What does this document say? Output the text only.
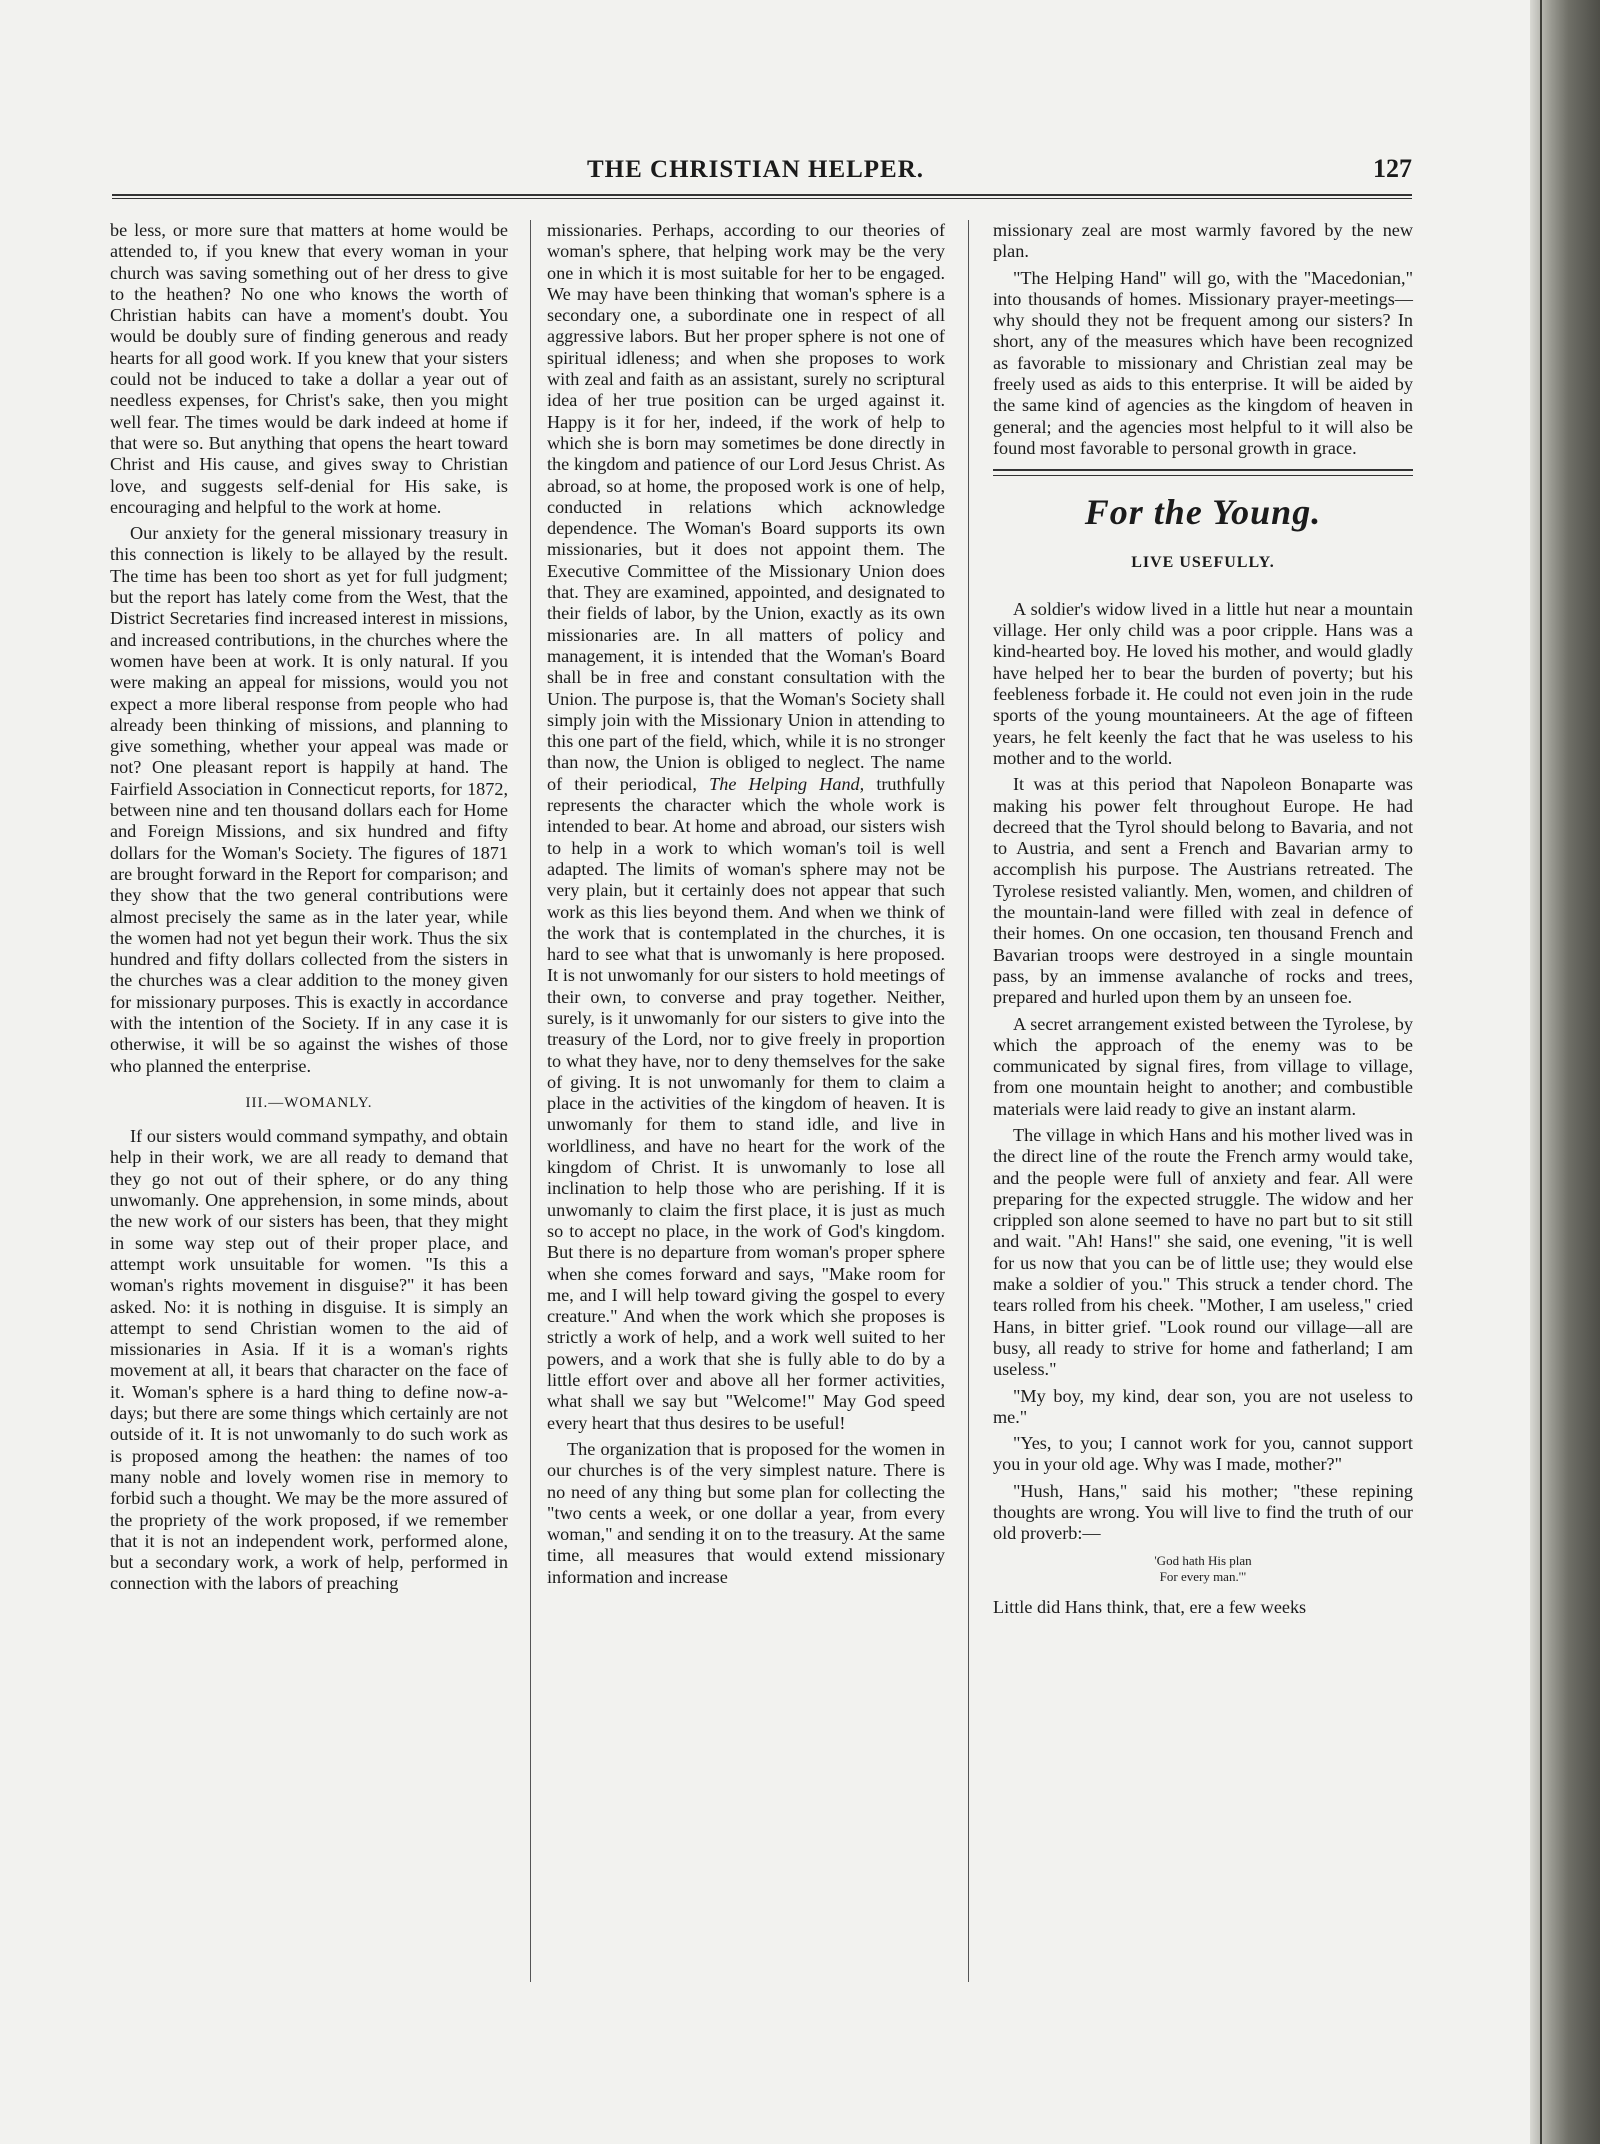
THE CHRISTIAN HELPER.	127

be less, or more sure that matters at home would be attended to, if you knew that every woman in your church was saving something out of her dress to give to the heathen? No one who knows the worth of Christian habits can have a moment's doubt. You would be doubly sure of finding generous and ready hearts for all good work. If you knew that your sisters could not be induced to take a dollar a year out of needless expenses, for Christ's sake, then you might well fear. The times would be dark indeed at home if that were so. But anything that opens the heart toward Christ and His cause, and gives sway to Christian love, and suggests self-denial for His sake, is encouraging and helpful to the work at home.

Our anxiety for the general missionary treasury in this connection is likely to be allayed by the result. The time has been too short as yet for full judgment; but the report has lately come from the West, that the District Secretaries find increased interest in missions, and increased contributions, in the churches where the women have been at work. It is only natural. If you were making an appeal for missions, would you not expect a more liberal response from people who had already been thinking of missions, and planning to give something, whether your appeal was made or not? One pleasant report is happily at hand. The Fairfield Association in Connecticut reports, for 1872, between nine and ten thousand dollars each for Home and Foreign Missions, and six hundred and fifty dollars for the Woman's Society. The figures of 1871 are brought forward in the Report for comparison; and they show that the two general contributions were almost precisely the same as in the later year, while the women had not yet begun their work. Thus the six hundred and fifty dollars collected from the sisters in the churches was a clear addition to the money given for missionary purposes. This is exactly in accordance with the intention of the Society. If in any case it is otherwise, it will be so against the wishes of those who planned the enterprise.

III.—WOMANLY.

If our sisters would command sympathy, and obtain help in their work, we are all ready to demand that they go not out of their sphere, or do any thing unwomanly. One apprehension, in some minds, about the new work of our sisters has been, that they might in some way step out of their proper place, and attempt work unsuitable for women. "Is this a woman's rights movement in disguise?" it has been asked. No: it is nothing in disguise. It is simply an attempt to send Christian women to the aid of missionaries in Asia. If it is a woman's rights movement at all, it bears that character on the face of it. Woman's sphere is a hard thing to define now-a-days; but there are some things which certainly are not outside of it. It is not unwomanly to do such work as is proposed among the heathen: the names of too many noble and lovely women rise in memory to forbid such a thought. We may be the more assured of the propriety of the work proposed, if we remember that it is not an independent work, performed alone, but a secondary work, a work of help, performed in connection with the labors of preaching

missionaries. Perhaps, according to our theories of woman's sphere, that helping work may be the very one in which it is most suitable for her to be engaged. We may have been thinking that woman's sphere is a secondary one, a subordinate one in respect of all aggressive labors. But her proper sphere is not one of spiritual idleness; and when she proposes to work with zeal and faith as an assistant, surely no scriptural idea of her true position can be urged against it. Happy is it for her, indeed, if the work of help to which she is born may sometimes be done directly in the kingdom and patience of our Lord Jesus Christ. As abroad, so at home, the proposed work is one of help, conducted in relations which acknowledge dependence. The Woman's Board supports its own missionaries, but it does not appoint them. The Executive Committee of the Missionary Union does that. They are examined, appointed, and designated to their fields of labor, by the Union, exactly as its own missionaries are. In all matters of policy and management, it is intended that the Woman's Board shall be in free and constant consultation with the Union. The purpose is, that the Woman's Society shall simply join with the Missionary Union in attending to this one part of the field, which, while it is no stronger than now, the Union is obliged to neglect. The name of their periodical, The Helping Hand, truthfully represents the character which the whole work is intended to bear. At home and abroad, our sisters wish to help in a work to which woman's toil is well adapted. The limits of woman's sphere may not be very plain, but it certainly does not appear that such work as this lies beyond them. And when we think of the work that is contemplated in the churches, it is hard to see what that is unwomanly is here proposed. It is not unwomanly for our sisters to hold meetings of their own, to converse and pray together. Neither, surely, is it unwomanly for our sisters to give into the treasury of the Lord, nor to give freely in proportion to what they have, nor to deny themselves for the sake of giving. It is not unwomanly for them to claim a place in the activities of the kingdom of heaven. It is unwomanly for them to stand idle, and live in worldliness, and have no heart for the work of the kingdom of Christ. It is unwomanly to lose all inclination to help those who are perishing. If it is unwomanly to claim the first place, it is just as much so to accept no place, in the work of God's kingdom. But there is no departure from woman's proper sphere when she comes forward and says, "Make room for me, and I will help toward giving the gospel to every creature." And when the work which she proposes is strictly a work of help, and a work well suited to her powers, and a work that she is fully able to do by a little effort over and above all her former activities, what shall we say but "Welcome!" May God speed every heart that thus desires to be useful!

The organization that is proposed for the women in our churches is of the very simplest nature. There is no need of any thing but some plan for collecting the "two cents a week, or one dollar a year, from every woman," and sending it on to the treasury. At the same time, all measures that would extend missionary information and increase

missionary zeal are most warmly favored by the new plan.

"The Helping Hand" will go, with the "Macedonian," into thousands of homes. Missionary prayer-meetings—why should they not be frequent among our sisters? In short, any of the measures which have been recognized as favorable to missionary and Christian zeal may be freely used as aids to this enterprise. It will be aided by the same kind of agencies as the kingdom of heaven in general; and the agencies most helpful to it will also be found most favorable to personal growth in grace.

For the Young.
LIVE USEFULLY.

A soldier's widow lived in a little hut near a mountain village. Her only child was a poor cripple. Hans was a kind-hearted boy. He loved his mother, and would gladly have helped her to bear the burden of poverty; but his feebleness forbade it. He could not even join in the rude sports of the young mountaineers. At the age of fifteen years, he felt keenly the fact that he was useless to his mother and to the world.

It was at this period that Napoleon Bonaparte was making his power felt throughout Europe. He had decreed that the Tyrol should belong to Bavaria, and not to Austria, and sent a French and Bavarian army to accomplish his purpose. The Austrians retreated. The Tyrolese resisted valiantly. Men, women, and children of the mountain-land were filled with zeal in defence of their homes. On one occasion, ten thousand French and Bavarian troops were destroyed in a single mountain pass, by an immense avalanche of rocks and trees, prepared and hurled upon them by an unseen foe.

A secret arrangement existed between the Tyrolese, by which the approach of the enemy was to be communicated by signal fires, from village to village, from one mountain height to another; and combustible materials were laid ready to give an instant alarm.

The village in which Hans and his mother lived was in the direct line of the route the French army would take, and the people were full of anxiety and fear. All were preparing for the expected struggle. The widow and her crippled son alone seemed to have no part but to sit still and wait. "Ah! Hans!" she said, one evening, "it is well for us now that you can be of little use; they would else make a soldier of you." This struck a tender chord. The tears rolled from his cheek. "Mother, I am useless," cried Hans, in bitter grief. "Look round our village—all are busy, all ready to strive for home and fatherland; I am useless."

"My boy, my kind, dear son, you are not useless to me."

"Yes, to you; I cannot work for you, cannot support you in your old age. Why was I made, mother?"

"Hush, Hans," said his mother; "these repining thoughts are wrong. You will live to find the truth of our old proverb:—

'God hath His plan
For every man.'"

Little did Hans think, that, ere a few weeks
